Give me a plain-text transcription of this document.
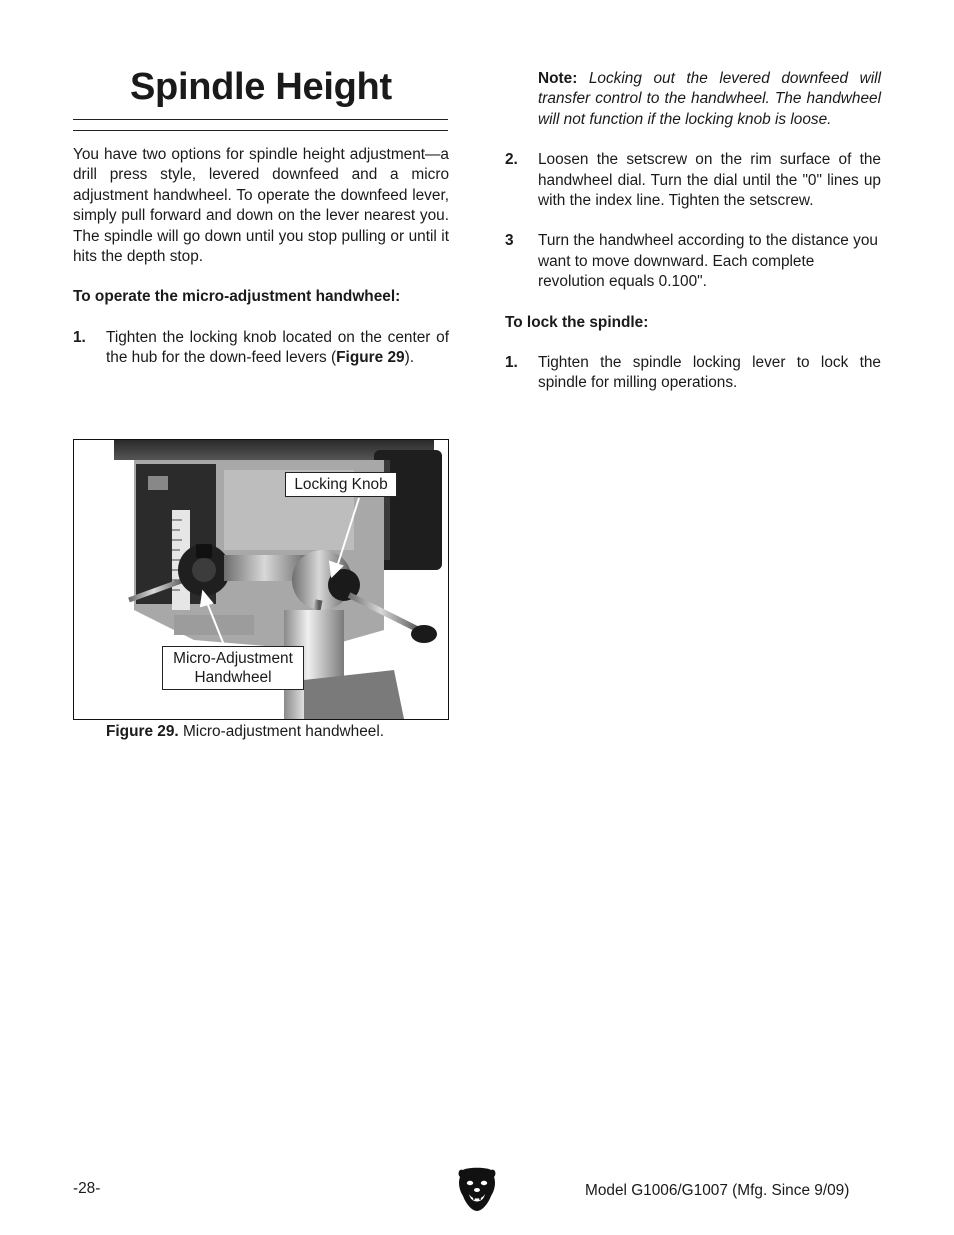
Spindle Height

You have two options for spindle height adjustment—a drill press style, levered downfeed and a micro adjustment handwheel. To operate the downfeed lever, simply pull forward and down on the lever nearest you. The spindle will go down until you stop pulling or until it hits the depth stop.

To operate the micro-adjustment handwheel:

1.	Tighten the locking knob located on the center of the hub for the down-feed levers (Figure 29).
Locking Knob
Micro-Adjustment
Handwheel

Figure 29. Micro-adjustment handwheel.

Note: Locking out the levered downfeed will transfer control to the handwheel. The handwheel will not function if the locking knob is loose.

2.	Loosen the setscrew on the rim surface of the handwheel dial. Turn the dial until the "0" lines up with the index line. Tighten the setscrew.
3	Turn the handwheel according to the distance you want to move downward. Each complete revolution equals 0.100".

To lock the spindle:

1.	Tighten the spindle locking lever to lock the spindle for milling operations.
-28-	Model G1006/G1007 (Mfg. Since 9/09)
